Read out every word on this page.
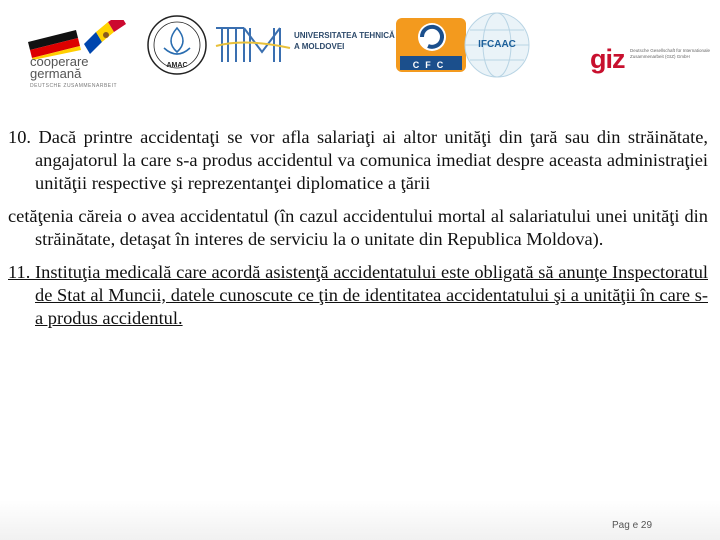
cooperare
germană
DEUTSCHE ZUSAMMENARBEIT
AMAC
UNIVERSITATEA TEHNICĂ
A MOLDOVEI
CFC
IFCAAC	giz Deutsche Gesellschaft für Internationale Zusammenarbeit (GIZ) GmbH

10. Dacă printre accidentaţi se vor afla salariaţi ai altor unităţi din ţară sau din străinătate, angajatorul la care s-a produs accidentul va comunica imediat despre aceasta administraţiei unităţii respective şi reprezentanţei diplomatice a ţării

cetăţenia căreia o avea accidentatul (în cazul accidentului mortal al salariatului unei unităţi din străinătate, detaşat în interes de serviciu la o unitate din Republica Moldova).

11. Instituţia medicală care acordă asistenţă accidentatului este obligată să anunţe Inspectoratul de Stat al Muncii, datele cunoscute ce ţin de identitatea accidentatului şi a unităţii în care s-a produs accidentul.

Pag e 29
